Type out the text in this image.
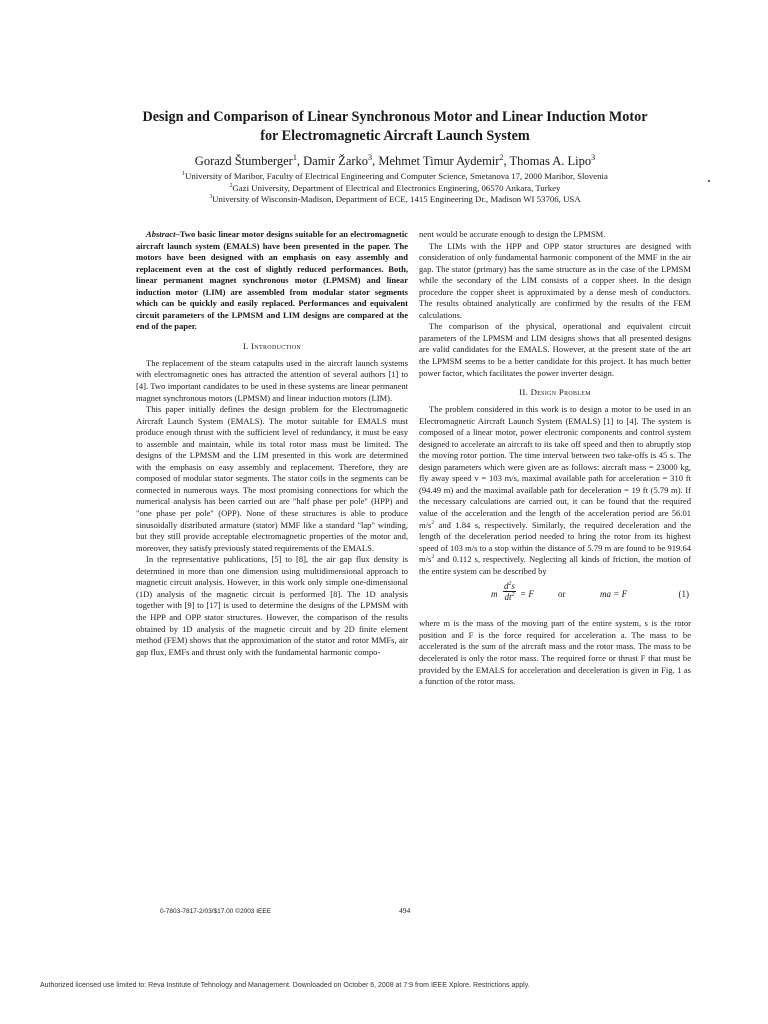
Design and Comparison of Linear Synchronous Motor and Linear Induction Motor
for Electromagnetic Aircraft Launch System
Gorazd Štumberger$^1$, Damir Žarko$^3$, Mehmet Timur Aydemir$^2$, Thomas A. Lipo$^3$
$^1$University of Maribor, Faculty of Electrical Engineering and Computer Science, Smetanova 17, 2000 Maribor, Slovenia
$^2$Gazi University, Department of Electrical and Electronics Enginering, 06570 Ankara, Turkey
$^3$University of Wisconsin-Madison, Department of ECE, 1415 Engineering Dr., Madison WI 53706, USA

Abstract–Two basic linear motor designs suitable for an electromagnetic aircraft launch system (EMALS) have been presented in the paper. The motors have been designed with an emphasis on easy assembly and replacement even at the cost of slightly reduced performances. Both, linear permanent magnet synchronous motor (LPMSM) and linear induction motor (LIM) are assembled from modular stator segments which can be quickly and easily replaced. Performances and equivalent circuit parameters of the LPMSM and LIM designs are compared at the end of the paper.

I. Introduction

The replacement of the steam catapults used in the aircraft launch systems with electromagnetic ones has attracted the attention of several authors [1] to [4]. Two important candidates to be used in these systems are linear permanent magnet synchronous motors (LPMSM) and linear induction motors (LIM).

This paper initially defines the design problem for the Electromagnetic Aircraft Launch System (EMALS). The motor suitable for EMALS must produce enough thrust with the sufficient level of redundancy, it must be easy to assemble and maintain, while its total rotor mass must be limited. The designs of the LPMSM and the LIM presented in this work are determined with the emphasis on easy assembly and replacement. Therefore, they are composed of modular stator segments. The stator coils in the segments can be connected in numerous ways. The most promising connections for which the numerical analysis has been carried out are "half phase per pole" (HPP) and "one phase per pole" (OPP). None of these structures is able to produce sinusoidally distributed armature (stator) MMF like a standard "lap" winding, but they still provide acceptable electromagnetic properties of the motor and, moreover, they satisfy previously stated requirements of the EMALS.

In the representative publications, [5] to [8], the air gap flux density is determined in more than one dimension using multidimensional approach to magnetic circuit analysis. However, in this work only simple one-dimensional (1D) analysis of the magnetic circuit is performed [8]. The 1D analysis together with [9] to [17] is used to determine the designs of the LPMSM with the HPP and OPP stator structures. However, the comparison of the results obtained by 1D analysis of the magnetic circuit and by 2D finite element method (FEM) shows that the approximation of the stator and rotor MMFs, air gap flux, EMFs and thrust only with the fundamental harmonic compo-

nent would be accurate enough to design the LPMSM.

The LIMs with the HPP and OPP stator structures are designed with consideration of only fundamental harmonic component of the MMF in the air gap. The stator (primary) has the same structure as in the case of the LPMSM while the secondary of the LIM consists of a copper sheet. In the design procedure the copper sheet is approximated by a dense mesh of conductors. The results obtained analytically are confirmed by the results of the FEM calculations.

The comparison of the physical, operational and equivalent circuit parameters of the LPMSM and LIM designs shows that all presented designs are valid candidates for the EMALS. However, at the present state of the art the LPMSM seems to be a better candidate for this project. It has much better power factor, which facilitates the power inverter design.

II. Design Problem

The problem considered in this work is to design a motor to be used in an Electromagnetic Aircraft Launch System (EMALS) [1] to [4]. The system is composed of a linear motor, power electronic components and control system designed to accelerate an aircraft to its take off speed and then to abruptly stop the moving rotor portion. The time interval between two take-offs is 45 s. The design parameters which were given are as follows: aircraft mass = 23000 kg, fly away speed v = 103 m/s, maximal available path for acceleration = 310 ft (94.49 m) and the maximal available path for deceleration = 19 ft (5.79 m). If the necessary calculations are carried out, it can be found that the required value of the acceleration and the length of the acceleration period are 56.01 $m/s^2$ and 1.84 s, respectively. Similarly, the required deceleration and the length of the deceleration period needed to bring the rotor from its highest speed of 103 m/s to a stop within the distance of 5.79 m are found to be 919.64 $m/s^2$ and 0.112 s, respectively. Neglecting all kinds of friction, the motion of the entire system can be described by

m $\frac{d^2s}{dt^2} = F$	or	ma = F	(1)

where m is the mass of the moving part of the entire system, s is the rotor position and F is the force required for acceleration a. The mass to be accelerated is the sum of the aircraft mass and the rotor mass. The mass to be decelerated is only the rotor mass. The required force or thrust F that must be provided by the EMALS for acceleration and deceleration is given in Fig. 1 as a function of the rotor mass.

0-7803-7817-2/03/$17.00 ©2003 IEEE	494
Authorized licensed use limited to: Reva Institute of Tehnology and Management. Downloaded on October 6, 2008 at 7:9 from IEEE Xplore. Restrictions apply.
